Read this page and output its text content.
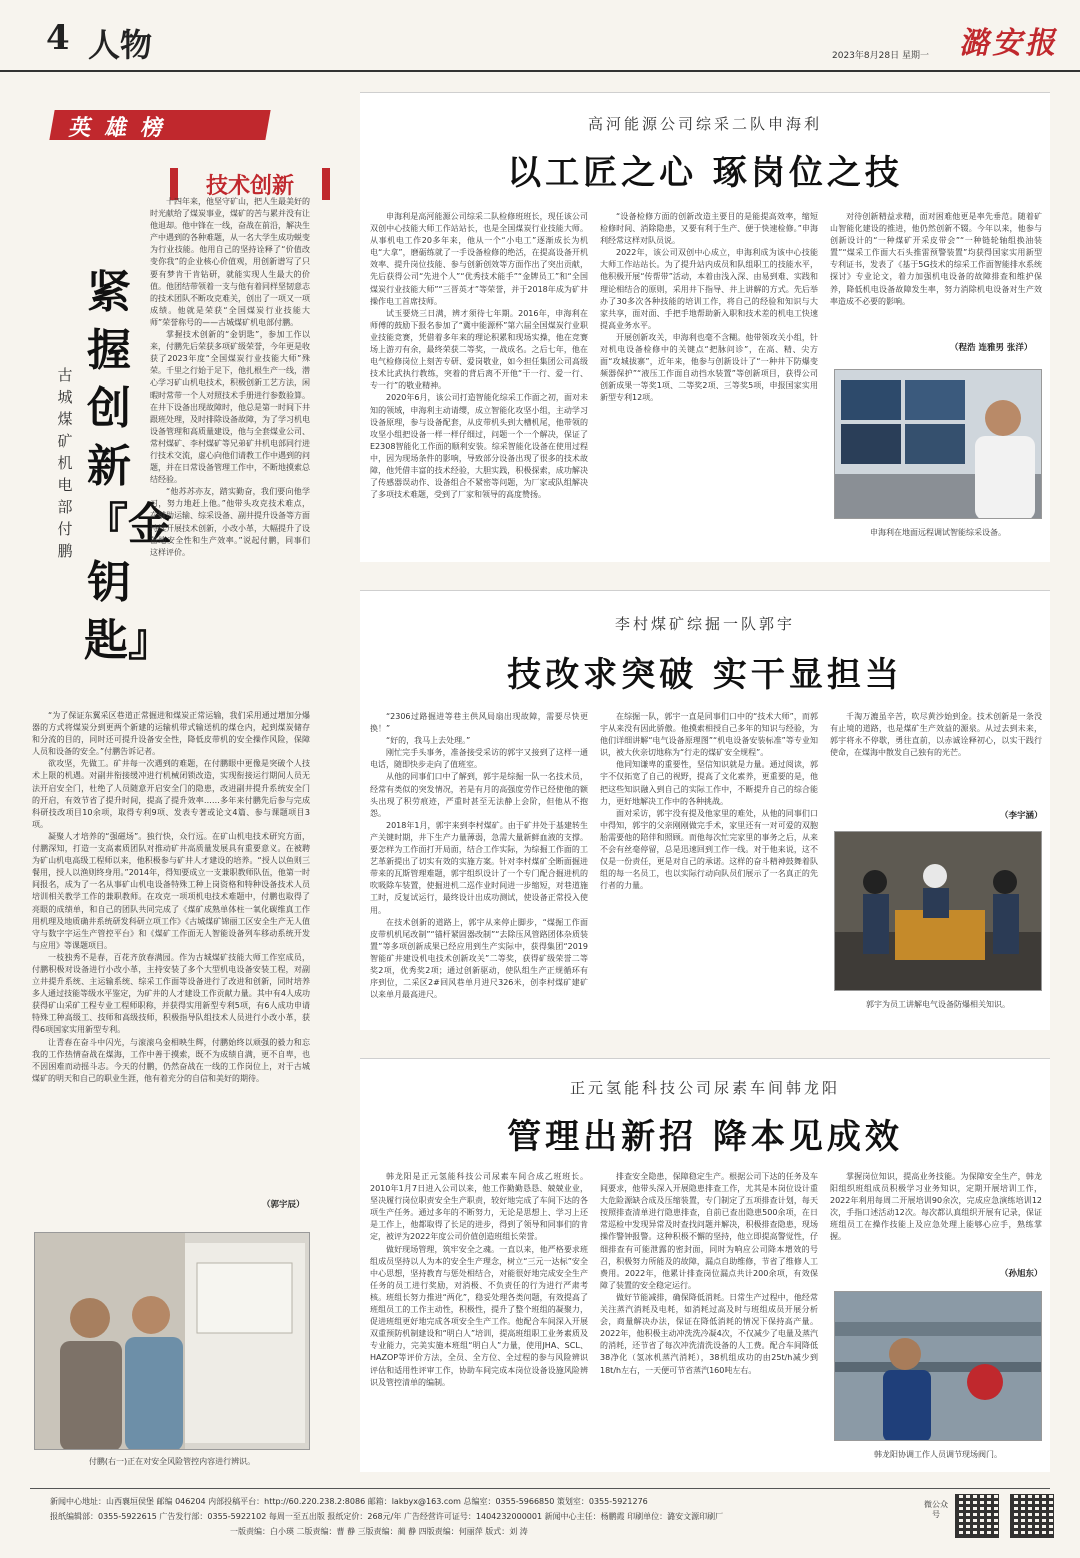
4 人物	2023年8月28日 星期一 潞安报
英雄榜
技术创新
紧握创新『金钥匙』
古城煤矿机电部付鹏

十四年来，他坚守矿山，把人生最美好的时光献给了煤炭事业，煤矿的苦与累并没有让他退却。他中锋在一线，奋战在前沿，解决生产中遇到的各种难题，从一名大学生成功蜕变为行业技能。他用自己的坚持诠释了“价值改变你我”的企业核心价值观，用创新谱写了只要有梦肯干肯钻研，就能实现人生最大的价值。他团结带领着一支与他有着同样坚韧意志的技术团队不断攻克难关，创出了一项又一项成绩。他就是荣获“全国煤炭行业技能大师”荣誉称号的——古城煤矿机电部付鹏。

掌握技术创新的“金钥匙”，参加工作以来，付鹏先后荣获多项矿级荣誉，今年更是收获了2023年度“全国煤炭行业技能大师”殊荣。千里之行始于足下，他扎根生产一线，潜心学习矿山机电技术，积极创新工艺方法，闲暇时常带一个人对照技术手册进行参数验算。在井下设备出现故障时，他总是第一时间下井跟班处理，及时排除设备故障，为了学习机电设备管理和高质量建设，他与全套煤业公司、常村煤矿、李村煤矿等兄弟矿井机电部同行进行技术交流，虚心向他们请教工作中遇到的问题，并在日常设备管理工作中，不断地摸索总结经验。

“他苏苏亦友，踏实勤奋，我们要向他学习，努力地赶上他。”他带头攻克技术难点，在辅助运输、综采设备、副井提升设备等方面持续开展技术创新，小改小革，大幅提升了设备地安全性和生产效率。”说起付鹏，同事们这样评价。

“为了保证东翼采区巷道正常掘进和煤炭正常运输，我们采用通过增加分爆器的方式将煤炭分到更两个新建的运输机带式输送机的煤仓内，起到煤炭储存和分流的目的，同时还可提升设备安全性，降低皮带机的安全操作风险，保障人员和设备的安全。”付鹏告诉记者。

欲攻坚，先做工。矿井每一次遇到的难题，在付鹏眼中更像是突破个人技术上限的机遇。对副井衔接缓冲进行机械闭锁改造，实现衔接运行期间人员无法开启安全门，杜绝了人员随意开启安全门的隐患，改进副井提升系统安全门的开启，有效节省了提升时间，提高了提升效率……多年来付鹏先后参与完成科研技改项目10余项，取得专利9项、发表专著或论文4篇、参与课题项目3项。

凝聚人才培养的“强磁场”。独行快，众行远。在矿山机电技术研究方面，付鹏深知，打造一支高素质团队对推动矿井高质量发展具有重要意义。在被聘为矿山机电高级工程师以来，他积极参与矿井人才建设的培养。“授人以鱼则三餐用，授人以渔则终身用。”2014年，得知要成立一支兼职教师队伍，他第一时间报名，成为了一名从事矿山机电设备特殊工种上岗资格和特种设备技术人员培训相关教学工作的兼职教师。在攻克一项项机电技术难题中，付鹏也取得了亮眼的成绩单，和自己的团队共同完成了《煤矿成熟单体柱一氧化碳维真工作用机理及地质确井系统研发科研立项工作》《古城煤矿锦丽工区安全生产无人值守与数字字运生产管控平台》和《煤矿工作面无人智能设备列车移动系统开发与应用》等课题项目。

一枝独秀不是春，百花齐放春满园。作为古城煤矿技能大师工作室成员，付鹏积极对设备进行小改小革，主持安装了多个大型机电设备安装工程，对副立井提升系统、主运输系统、综采工作面等设备进行了改进和创新，同时培养多人通过技能等级水平鉴定，为矿井的人才建设工作贡献力量。其中有4人成功获得矿山采矿工程专业工程师职称，并获得实用新型专利5项，有6人成功申请特殊工种高级工、技师和高级技师，积极指导队组技术人员进行小改小革，获得6项国家实用新型专利。

让青春在奋斗中闪光，与滚滚乌金相映生辉，付鹏始终以顽强的毅力和忘我的工作热情奋战在煤海，工作中善于摸索，既不为成绩自满，更不自卑，也不因困难而动摇斗志。今天的付鹏，仍然奋战在一线的工作岗位上，对于古城煤矿的明天和自己的职业生涯，他有着充分的自信和美好的期待。

（郭宇辰）
付鹏(右一)正在对安全风险管控内容进行辨识。
高河能源公司综采二队申海利
以工匠之心 琢岗位之技

申海利是高河能源公司综采二队检修班班长，现任该公司双创中心技能大师工作站站长，也是全国煤炭行业技能大师。从事机电工作20多年来，他从一个“小电工”逐渐成长为机电“大拿”，磨砺练就了一手设备检修的绝活，在提高设备开机效率、提升岗位技能、参与创新创效等方面作出了突出贡献，先后获得公司“先进个人”“优秀技术能手”“金牌员工”和“全国煤炭行业技能大师”“三晋英才”等荣誉，并于2018年成为矿井操作电工首席技师。

试玉要烧三日满，辨才须待七年期。2016年，申海利在师傅的鼓励下报名参加了“冀中能源杯”第六届全国煤炭行业职业技能竞赛，凭借着多年来的理论积累和现场实操，他在竞赛场上游刃有余，最终荣获二等奖，一战成名。之后七年，他在电气检修岗位上刻苦专研、爱岗敬业，如今担任集团公司高级技术比武执行教练，突着的背后离不开他“干一行、爱一行、专一行”的敬业精神。

2020年6月，该公司打造智能化综采工作面之初，面对未知的领域，申海利主动请缨，成立智能化攻坚小组，主动学习设备原理，参与设备配套，从皮带机头到大槽机尾，他带领的攻坚小组把设备一样一样仔细过，问题一个一个解决，保证了E2308智能化工作面的顺利安装。综采智能化设备在使用过程中，因为现场条件的影响，导致部分设备出现了很多的技术故障，他凭借丰富的技术经验，大胆实践，积极探索，成功解决了传感器误动作、设备组合不紧密等问题，为厂家或队组解决了多项技术难题，受到了厂家和领导的高度赞扬。

“设备检修方面的创新改造主要目的是能提高效率，缩短检修时间、消除隐患，又要有利于生产、便于快速检修。”申海利经常这样对队员说。

2022年，该公司双创中心成立，申海利成为该中心技能大师工作站站长。为了提升站内成员和队组职工的技能水平，他积极开展“传帮带”活动，本着由浅入深、由易到难、实践和理论相结合的原则，采用井下指导、井上讲解的方式。先后举办了30多次各种技能的培训工作，将自己的经验和知识与大家共享，面对面、手把手地帮助新入职和技术差的机电工快速提高业务水平。

开展创新攻关，申海利也毫不含糊。他带领攻关小组，针对机电设备检修中的关键点“把脉问诊”，在高、精、尖方面“攻城拔寨”，近年来，他参与创新设计了“一种井下防爆变频器保护”“液压工作面自动挡水装置”等创新项目，获得公司创新成果一等奖1项、二等奖2项、三等奖5项，申报国家实用新型专利12项。

对待创新精益求精，面对困难他更是率先垂范。随着矿山智能化建设的推进，他仍然创新不辍。今年以来，他参与创新设计的“一种煤矿开采皮带会”“一种链轮轴组换油装置”“煤采工作面大石头推雷预警装置”均获得国家实用新型专利证书，发表了《基于5G技术的综采工作面智能排水系统探讨》专业论文，着力加强机电设备的故障排查和维护保养，降低机电设备故障发生率，努力消除机电设备对生产效率造成不必要的影响。

（程浩 连雅男 张洋）
申海利在地面远程调试智能综采设备。
李村煤矿综掘一队郭宇
技改求突破 实干显担当

“2306过路掘进等巷主供风局扇出现故障，需要尽快更换！”

“好的，我马上去处理。”

刚忙完手头事务，准备接受采访的郭宇又接到了这样一通电话，随即快步走向了值班室。

从他的同事们口中了解到，郭宇是综掘一队一名技术员，经常有类似的突发情况，若是有月的高强度劳作已经使他的额头出现了积劳痕迹，严重时甚至无法静上会阶，但他从不抱怨。

2018年1月，郭宇来到李村煤矿。由于矿井处于基建转生产关键时期，井下生产力量薄弱，急需大量新鲜血液的支撑。要怎样为工作面打开局面，结合工作实际，为综掘工作面的工艺革新提出了切实有效的实施方案。针对李村煤矿全断面掘进带来的瓦斯管理难题，郭宇组织设计了一个专门配合掘进机的吹吸除车装置，使掘进机二巡作业时间进一步缩短，对巷道施工时，反复试运行，最终设计出成功测试，使设备正常投入使用。

在技术创新的道路上，郭宇从来停止脚步，“煤掘工作面皮带机机尾改制”“锚杆紧固器改制”“去除压风管路团体杂质装置”等多项创新成果已经应用到生产实际中，获得集团“2019智能矿井建设机电技术创新攻关”二等奖，获得矿级荣誉二等奖2项，优秀奖2项；通过创新驱动，使队组生产正规循环有序到位，二采区2#回风巷单月进尺326米，创李村煤矿建矿以来单月最高进尺。

在综掘一队，郭宇一直是同事们口中的“技术大师”，而郭宇从来没有因此骄傲。他摸索相授自己多年的知识与经验，为他们详细讲解“电气设备原理图”“机电设备安装标准”等专业知识，被大伙亲切地称为“行走的煤矿安全规程”。

他同知谦卑的重要性，坚信知识就是力量。通过阅读，郭宇不仅拓宽了自己的视野，提高了文化素养，更重要的是，他把这些知识融入到自己的实际工作中，不断提升自己的综合能力，更好地解决工作中的各种挑战。

面对采访，郭宇没有提及他家里的难处，从他的同事们口中得知，郭宇的父亲刚刚做完手术，家里还有一对可爱的双胞胎需要他的陪伴和照顾。而他每次忙完家里的事务之后，从来不会有丝毫停留，总是迅速回到工作一线。对于他来说，这不仅是一份责任，更是对自己的承诺。这样的奋斗精神鼓舞着队组的每一名员工，也以实际行动向队员们展示了一名真正的先行者的力量。

千淘万漉虽辛苦，吹尽黄沙始到金。技术创新是一条没有止境的道路，也是煤矿生产效益的源泉。从过去到未来，郭宇将永不停歇，勇往直前，以赤诚诠释初心，以实干践行使命，在煤海中散发自己独有的光芒。

（李宇涵）
郭宇为员工讲解电气设备防爆相关知识。
正元氢能科技公司尿素车间韩龙阳
管理出新招 降本见成效

韩龙阳是正元氢能科技公司尿素车间合成乙班班长。2010年1月7日进入公司以来，他工作勤勤恳恳、兢兢业业，坚决履行岗位职责安全生产职责，较好地完成了车间下达的各项生产任务。通过多年的不断努力，无论是思想上、学习上还是工作上，他都取得了长足的进步，得到了领导和同事们的肯定，被评为2022年度公司价值创造班组长荣誉。

做好现场管理，筑牢安全之魂。一直以来，他严格要求班组成员坚持以人为本的安全生产理念，树立“三元一达标”安全中心思想，坚持教育与惩处相结合，对能很好地完成安全生产任务的员工进行奖励，对消极、不负责任的行为进行严肃考核。班组长努力推进“两化”，稳妥处理各类问题，有效提高了班组员工的工作主动性，积极性，提升了整个班组的凝聚力，促进班组更好地完成各项安全生产工作。他配合车间深入开展双重预防机制建设和“明白人”培训，提高班组职工业务素质及专业能力，完美实施本班组“明白人”力量，使用JHA、SCL、HAZOP等评价方法，全员、全方位、全过程的参与风险辨识评估和适用性评审工作，协助车间完成本岗位设备设施风险辨识及管控清单的编制。

排查安全隐患，保障稳定生产。根据公司下达的任务及车间要求，他带头深入开展隐患排查工作，尤其是本岗位设计重大危险源缺合成及压缩装置，专门制定了五项排查计划，每天按照排查清单进行隐患排查，自前已查出隐患500余项，在日常巡检中发现异常及时查找问题并解决，积极排查隐患，现场操作警钟报警。这种积极不懈的坚持，他立即提高警觉性，仔细排查有可能泄露的密封面，同时为响应公司降本增效的号召，积极努力所能及的故障，漏点自助维修，节省了维修人工费用。2022年，他累计排查岗位漏点共计200余项，有效保障了装置的安全稳定运行。

做好节能减排，确保降低消耗。日常生产过程中，他经常关注蒸汽消耗及电耗，如消耗过高及时与班组成员开展分析会，商量解决办法，保证在降低消耗的情况下保持高产量。2022年，他积极主动冲洗洗冷凝4次，不仅减少了电量及蒸汽的消耗，还节省了每次冲洗清洗设备的人工费。配合车间降低38净化（氢冰机蒸汽消耗），38机组成功的由25t/h减少到18t/h左右，一天便可节省蒸汽160吨左右。

掌握岗位知识，提高业务技能。为保障安全生产，韩龙阳组织班组成员积极学习业务知识，定期开展培训工作，2022年利用每周二开展培训90余次，完成应急演练培训12次，手指口述活动12次。每次都认真组织开展有记录，保证班组员工在操作技能上及应急处理上能够心应手，熟练掌握。

（孙旭东）
韩龙阳协调工作人员调节现场阀门。
新闻中心地址：山西襄垣侯堡 邮编 046204 内部投稿平台：http://60.220.238.2:8086 邮箱：lakbyx@163.com 总编室：0355-5966850 策划室：0355-5921276
报纸编辑部：0355-5922615 广告发行部：0355-5922102 每周一至五出版 报纸定价：268元/年 广告经营许可证号：1404232000001 新闻中心主任：杨鹏霞 印刷单位：潞安文源印刷厂
一版责编：白小瑛 二版责编：曹 静 三版责编：蔺 静 四版责编：何丽萍 版式：刘 涛
微公众号
